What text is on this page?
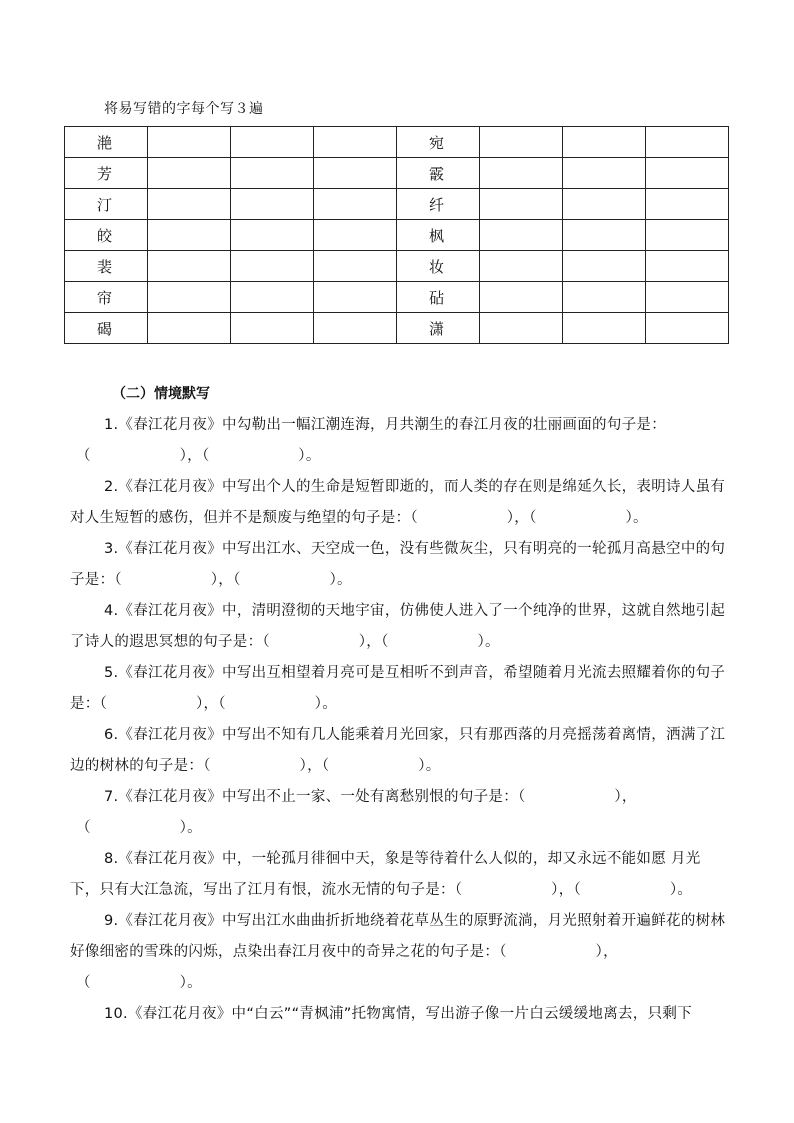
将易写错的字每个写３遍
滟				宛			
芳				霰			
汀				纤			
皎				枫			
裴				妆			
帘				砧			
碣				潇			
（二）情境默写

1.《春江花月夜》中勾勒出一幅江潮连海，月共潮生的春江月夜的壮丽画面的句子是：

（　　　　　　），（　　　　　　）。

2.《春江花月夜》中写出个人的生命是短暂即逝的，而人类的存在则是绵延久长，表明诗人虽有对人生短暂的感伤，但并不是颓废与绝望的句子是：（　　　　　　），（　　　　　　）。

3.《春江花月夜》中写出江水、天空成一色，没有些微灰尘，只有明亮的一轮孤月高悬空中的句子是：（　　　　　　），（　　　　　　）。

4.《春江花月夜》中，清明澄彻的天地宇宙，仿佛使人进入了一个纯净的世界，这就自然地引起了诗人的遐思冥想的句子是：（　　　　　　），（　　　　　　）。

5.《春江花月夜》中写出互相望着月亮可是互相听不到声音，希望随着月光流去照耀着你的句子是：（　　　　　　），（　　　　　　）。

6.《春江花月夜》中写出不知有几人能乘着月光回家，只有那西落的月亮摇荡着离情，洒满了江边的树林的句子是：（　　　　　　），（　　　　　　）。

7.《春江花月夜》中写出不止一家、一处有离愁别恨的句子是：（　　　　　　），

（　　　　　　）。

8.《春江花月夜》中，一轮孤月徘徊中天，象是等待着什么人似的，却又永远不能如愿 月光下，只有大江急流，写出了江月有恨，流水无情的句子是：（　　　　　　），（　　　　　　）。

9.《春江花月夜》中写出江水曲曲折折地绕着花草丛生的原野流淌，月光照射着开遍鲜花的树林好像细密的雪珠的闪烁，点染出春江月夜中的奇异之花的句子是：（　　　　　　），

（　　　　　　）。

10.《春江花月夜》中“白云”“青枫浦”托物寓情，写出游子像一片白云缓缓地离去，只剩下
